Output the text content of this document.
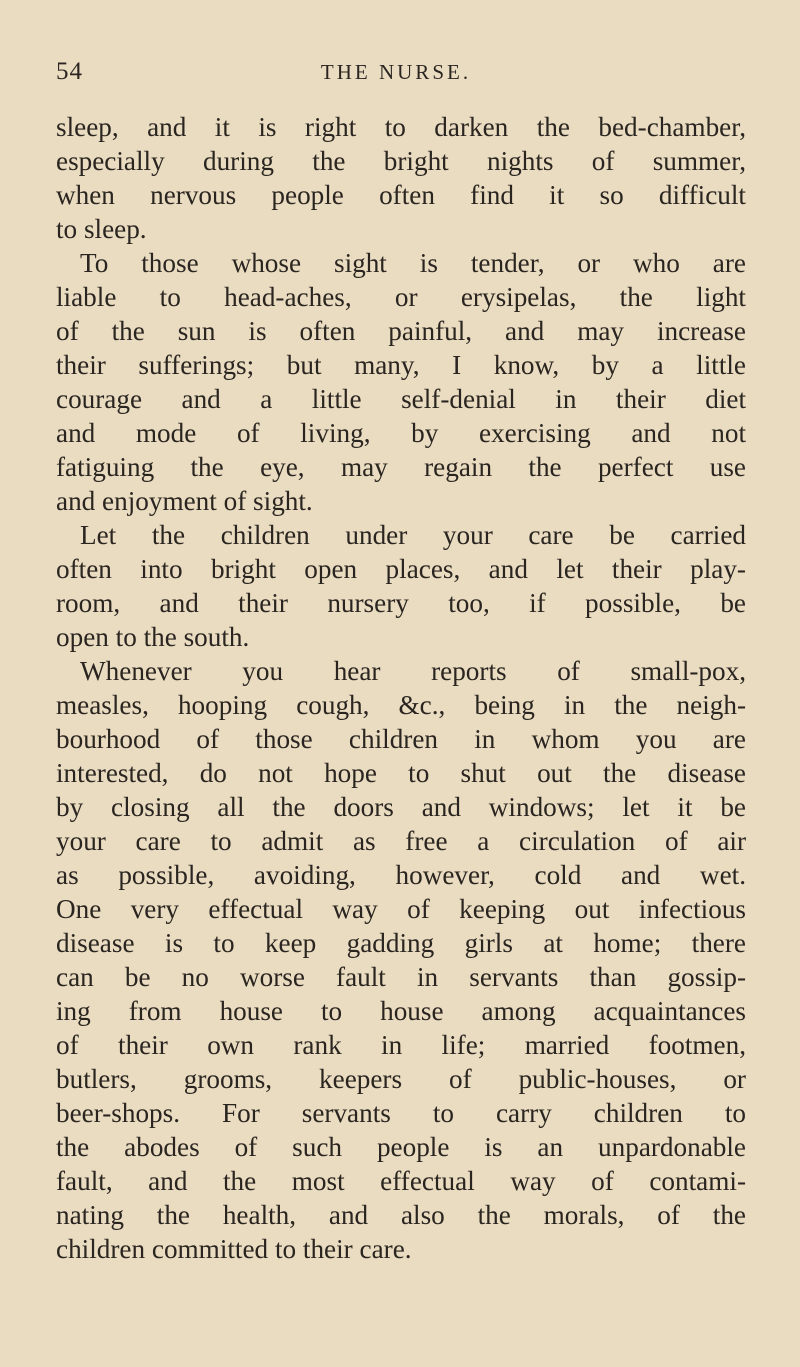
54	THE NURSE.
sleep, and it is right to darken the bed-chamber,
especially during the bright nights of summer,
when nervous people often find it so difficult
to sleep.
To those whose sight is tender, or who are
liable to head-aches, or erysipelas, the light
of the sun is often painful, and may increase
their sufferings; but many, I know, by a little
courage and a little self-denial in their diet
and mode of living, by exercising and not
fatiguing the eye, may regain the perfect use
and enjoyment of sight.
Let the children under your care be carried
often into bright open places, and let their play-
room, and their nursery too, if possible, be
open to the south.
Whenever you hear reports of small-pox,
measles, hooping cough, &c., being in the neigh-
bourhood of those children in whom you are
interested, do not hope to shut out the disease
by closing all the doors and windows; let it be
your care to admit as free a circulation of air
as possible, avoiding, however, cold and wet.
One very effectual way of keeping out infectious
disease is to keep gadding girls at home; there
can be no worse fault in servants than gossip-
ing from house to house among acquaintances
of their own rank in life; married footmen,
butlers, grooms, keepers of public-houses, or
beer-shops. For servants to carry children to
the abodes of such people is an unpardonable
fault, and the most effectual way of contami-
nating the health, and also the morals, of the
children committed to their care.
